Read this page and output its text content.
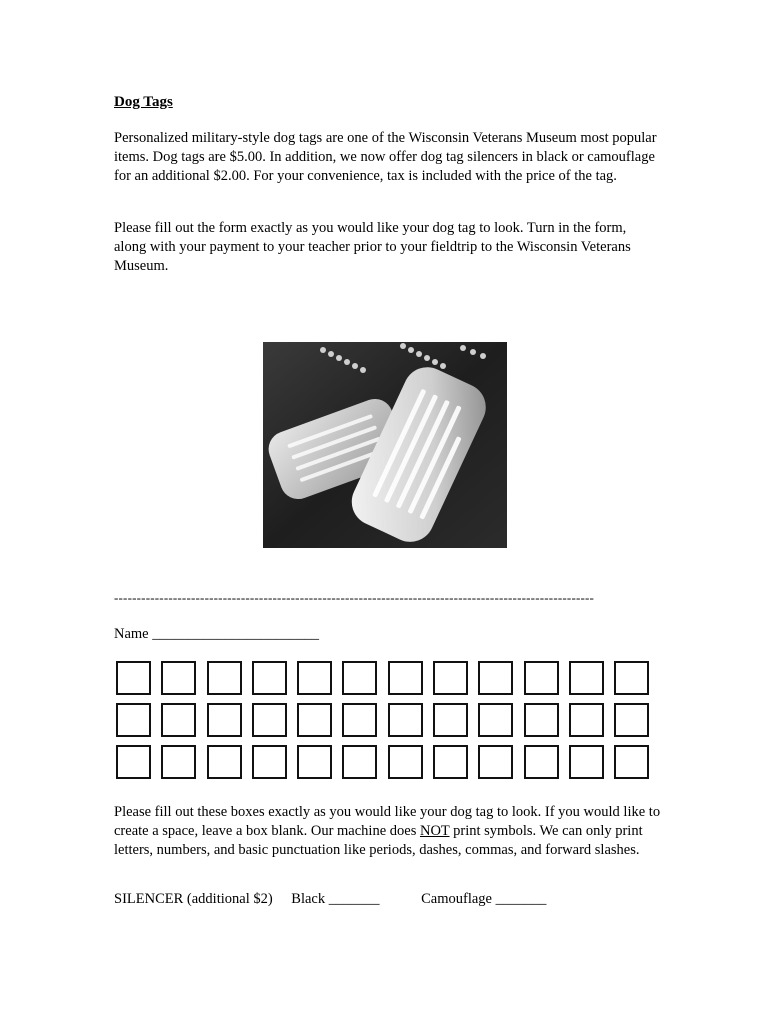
Dog Tags

Personalized military-style dog tags are one of the Wisconsin Veterans Museum most popular items. Dog tags are $5.00. In addition, we now offer dog tag silencers in black or camouflage for an additional $2.00. For your convenience, tax is included with the price of the tag.

Please fill out the form exactly as you would like your dog tag to look. Turn in the form, along with your payment to your teacher prior to your fieldtrip to the Wisconsin Veterans Museum.

----------------------------------------------------------------------------------------------------------

Name _______________________

Please fill out these boxes exactly as you would like your dog tag to look. If you would like to create a space, leave a box blank. Our machine does NOT print symbols. We can only print letters, numbers, and basic punctuation like periods, dashes, commas, and forward slashes.

SILENCER (additional $2) Black _______	Camouflage _______
